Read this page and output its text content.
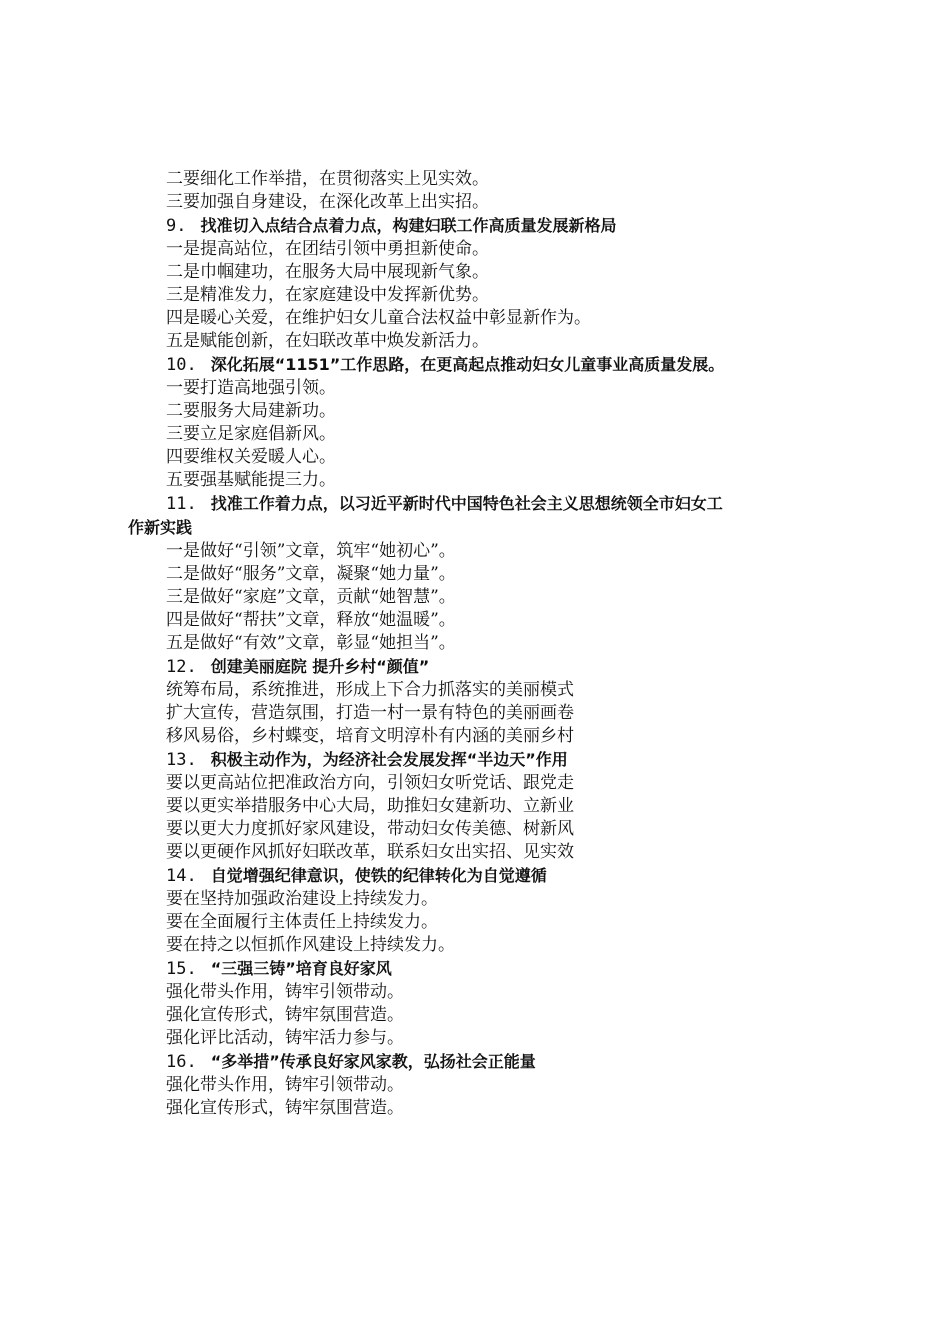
二要细化工作举措，在贯彻落实上见实效。
三要加强自身建设，在深化改革上出实招。
9. 找准切入点结合点着力点，构建妇联工作高质量发展新格局
一是提高站位，在团结引领中勇担新使命。
二是巾帼建功，在服务大局中展现新气象。
三是精准发力，在家庭建设中发挥新优势。
四是暖心关爱，在维护妇女儿童合法权益中彰显新作为。
五是赋能创新，在妇联改革中焕发新活力。
10. 深化拓展“1151”工作思路，在更高起点推动妇女儿童事业高质量发展。
一要打造高地强引领。
二要服务大局建新功。
三要立足家庭倡新风。
四要维权关爱暖人心。
五要强基赋能提三力。
11. 找准工作着力点，以习近平新时代中国特色社会主义思想统领全市妇女工
作新实践
一是做好“引领”文章，筑牢“她初心”。
二是做好“服务”文章，凝聚“她力量”。
三是做好“家庭”文章，贡献“她智慧”。
四是做好“帮扶”文章，释放“她温暖”。
五是做好“有效”文章，彰显“她担当”。
12. 创建美丽庭院 提升乡村“颜值”
统筹布局，系统推进，形成上下合力抓落实的美丽模式
扩大宣传，营造氛围，打造一村一景有特色的美丽画卷
移风易俗，乡村蝶变，培育文明淳朴有内涵的美丽乡村
13. 积极主动作为，为经济社会发展发挥“半边天”作用
要以更高站位把准政治方向，引领妇女听党话、跟党走
要以更实举措服务中心大局，助推妇女建新功、立新业
要以更大力度抓好家风建设，带动妇女传美德、树新风
要以更硬作风抓好妇联改革，联系妇女出实招、见实效
14. 自觉增强纪律意识，使铁的纪律转化为自觉遵循
要在坚持加强政治建设上持续发力。
要在全面履行主体责任上持续发力。
要在持之以恒抓作风建设上持续发力。
15. “三强三铸”培育良好家风
强化带头作用，铸牢引领带动。
强化宣传形式，铸牢氛围营造。
强化评比活动，铸牢活力参与。
16. “多举措”传承良好家风家教，弘扬社会正能量
强化带头作用，铸牢引领带动。
强化宣传形式，铸牢氛围营造。
